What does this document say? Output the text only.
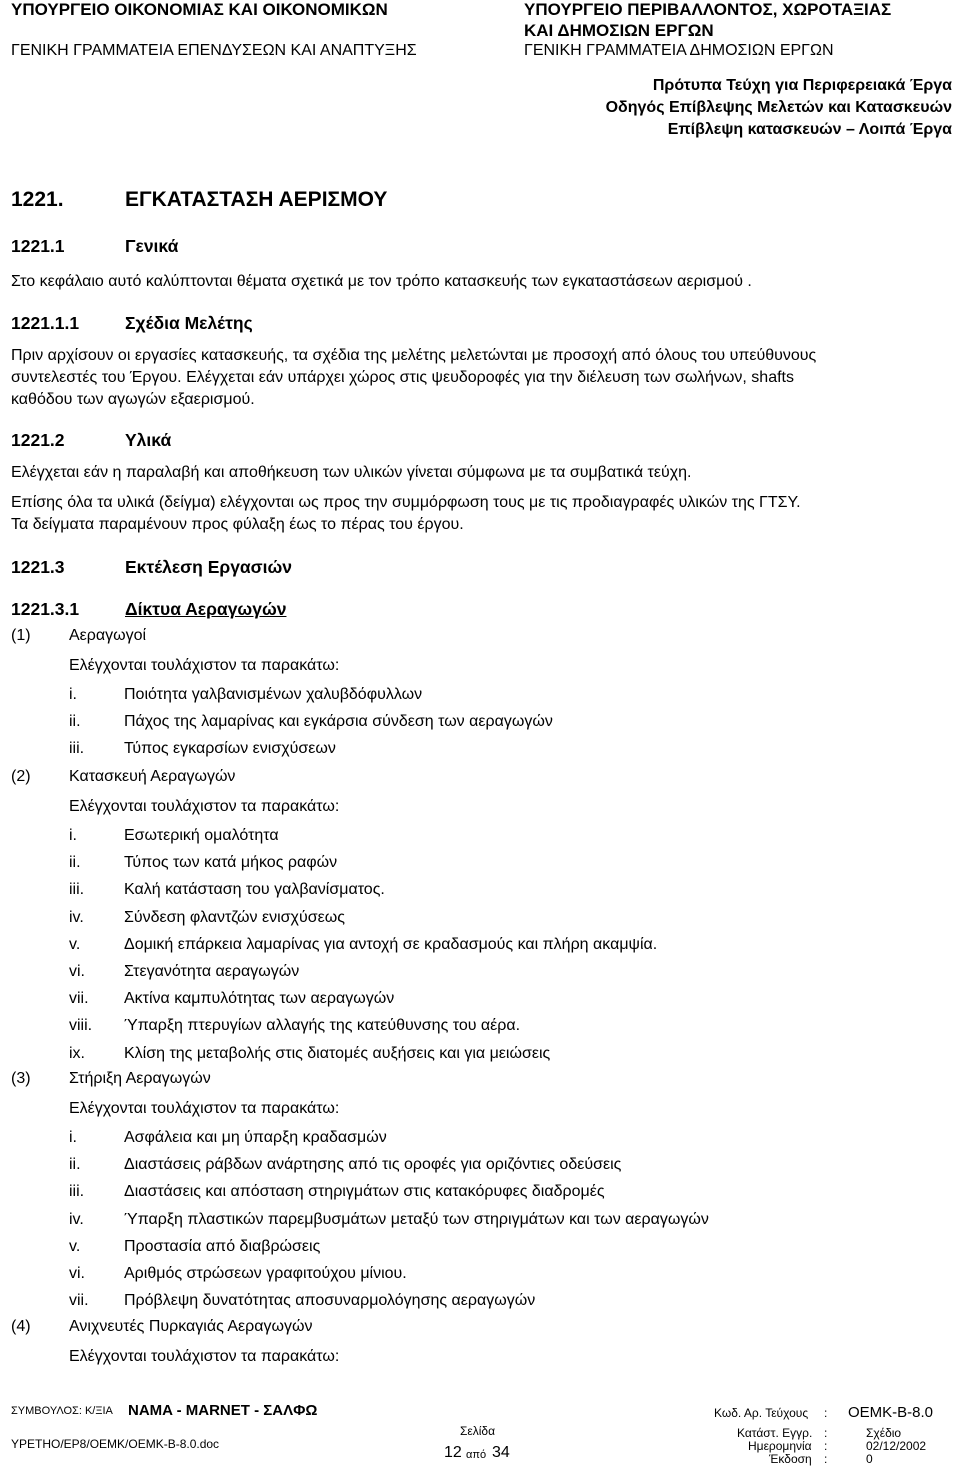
ΥΠΟΥΡΓΕΙΟ ΟΙΚΟΝΟΜΙΑΣ ΚΑΙ ΟΙΚΟΝΟΜΙΚΩΝ
ΓΕΝΙΚΗ ΓΡΑΜΜΑΤΕΙΑ ΕΠΕΝΔΥΣΕΩΝ ΚΑΙ ΑΝΑΠΤΥΞΗΣ
ΥΠΟΥΡΓΕΙΟ ΠΕΡΙΒΑΛΛΟΝΤΟΣ, ΧΩΡΟΤΑΞΙΑΣ
ΚΑΙ ΔΗΜΟΣΙΩΝ ΕΡΓΩΝ
ΓΕΝΙΚΗ ΓΡΑΜΜΑΤΕΙΑ ΔΗΜΟΣΙΩΝ ΕΡΓΩΝ
Πρότυπα Τεύχη για Περιφερειακά Έργα
Οδηγός Επίβλεψης Μελετών και Κατασκευών
Επίβλεψη κατασκευών – Λοιπά Έργα
1221.	ΕΓΚΑΤΑΣΤΑΣΗ ΑΕΡΙΣΜΟΥ
1221.1	Γενικά
Στο κεφάλαιο αυτό καλύπτονται θέματα σχετικά με τον τρόπο κατασκευής των εγκαταστάσεων αερισμού .
1221.1.1	Σχέδια Μελέτης
Πριν αρχίσουν οι εργασίες κατασκευής, τα σχέδια της μελέτης μελετώνται με προσοχή από όλους του υπεύθυνους
συντελεστές του Έργου. Ελέγχεται εάν υπάρχει χώρος στις ψευδοροφές για την διέλευση των σωλήνων, shafts
καθόδου των αγωγών εξαερισμού.
1221.2	Υλικά
Ελέγχεται εάν η παραλαβή και αποθήκευση των υλικών γίνεται σύμφωνα με τα συμβατικά τεύχη.
Επίσης όλα τα υλικά (δείγμα) ελέγχονται ως προς την συμμόρφωση τους με τις προδιαγραφές υλικών της ΓΤΣΥ.
Τα δείγματα παραμένουν προς φύλαξη έως το πέρας του έργου.
1221.3	Εκτέλεση Εργασιών
1221.3.1	Δίκτυα Αεραγωγών
(1) Αεραγωγοί
Ελέγχονται τουλάχιστον τα παρακάτω:
i.	Ποιότητα γαλβανισμένων χαλυβδόφυλλων
ii.	Πάχος της λαμαρίνας και εγκάρσια σύνδεση των αεραγωγών
iii. Τύπος εγκαρσίων ενισχύσεων
(2) Κατασκευή Αεραγωγών
Ελέγχονται τουλάχιστον τα παρακάτω:
i.	Εσωτερική ομαλότητα
ii.	Τύπος των κατά μήκος ραφών
iii. Καλή κατάσταση του γαλβανίσματος.
iv.	Σύνδεση φλαντζών ενισχύσεως
v.	Δομική επάρκεια λαμαρίνας για αντοχή σε κραδασμούς και πλήρη ακαμψία.
vi. Στεγανότητα αεραγωγών
vii. Ακτίνα καμπυλότητας των αεραγωγών
viii. Ύπαρξη πτερυγίων αλλαγής της κατεύθυνσης του αέρα.
ix. Κλίση της μεταβολής στις διατομές αυξήσεις και για μειώσεις
(3) Στήριξη Αεραγωγών
Ελέγχονται τουλάχιστον τα παρακάτω:
i.	Ασφάλεια και μη ύπαρξη κραδασμών
ii.	Διαστάσεις ράβδων ανάρτησης από τις οροφές για οριζόντιες οδεύσεις
iii. Διαστάσεις και απόσταση στηριγμάτων στις κατακόρυφες διαδρομές
iv.	Ύπαρξη πλαστικών παρεμβυσμάτων μεταξύ των στηριγμάτων και των αεραγωγών
v.	Προστασία από διαβρώσεις
vi. Αριθμός στρώσεων γραφιτούχου μίνιου.
vii. Πρόβλεψη δυνατότητας αποσυναρμολόγησης αεραγωγών
(4) Ανιχνευτές Πυρκαγιάς Αεραγωγών
Ελέγχονται τουλάχιστον τα παρακάτω:
ΣΥΜΒΟΥΛΟΣ: Κ/ΞΙΑ NAMA - MARNET - ΣΑΛΦΩ
ΥΡΕΤΗΟ/ΕΡ8/ΟΕΜΚ/ΟΕΜΚ-Β-8.0.doc
Σελίδα
12 από 34
Κωδ. Αρ. Τεύχους : ΟΕΜΚ-Β-8.0
Κατάστ. Εγγρ. :	Σχέδιο
Ημερομηνία :	02/12/2002
Έκδοση :	0
